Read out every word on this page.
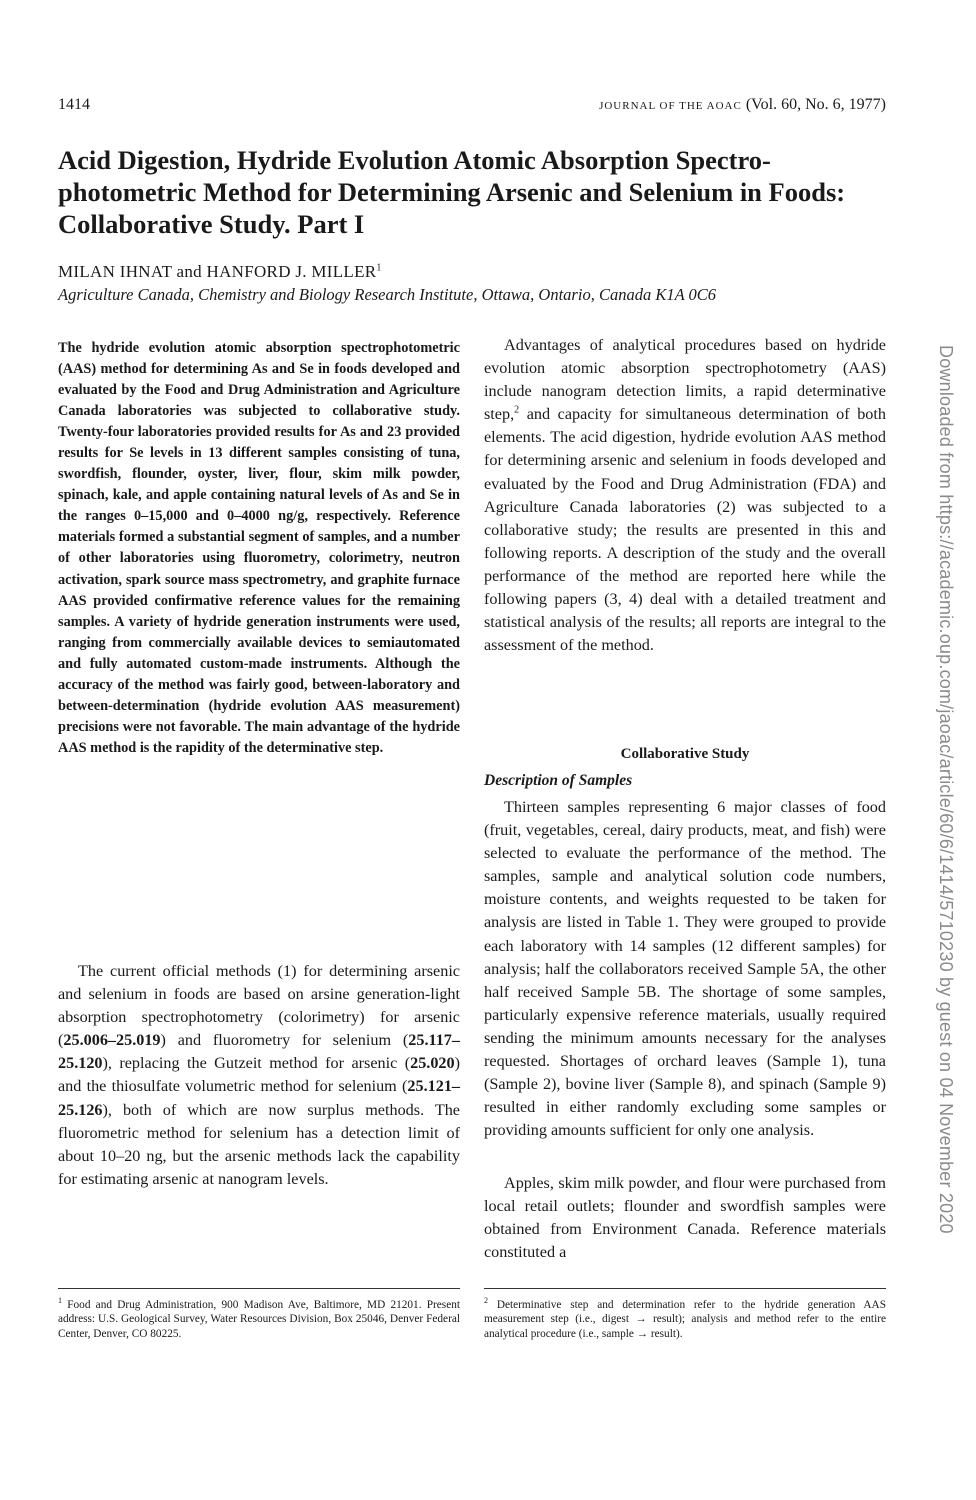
1414	JOURNAL OF THE AOAC (Vol. 60, No. 6, 1977)
Acid Digestion, Hydride Evolution Atomic Absorption Spectro- photometric Method for Determining Arsenic and Selenium in Foods: Collaborative Study. Part I
MILAN IHNAT and HANFORD J. MILLER$^1$
Agriculture Canada, Chemistry and Biology Research Institute, Ottawa, Ontario, Canada K1A 0C6
The hydride evolution atomic absorption spectrophotometric (AAS) method for determining As and Se in foods developed and evaluated by the Food and Drug Administration and Agriculture Canada laboratories was subjected to collaborative study. Twenty-four laboratories provided results for As and 23 provided results for Se levels in 13 different samples consisting of tuna, swordfish, flounder, oyster, liver, flour, skim milk powder, spinach, kale, and apple containing natural levels of As and Se in the ranges 0–15,000 and 0–4000 ng/g, respectively. Reference materials formed a substantial segment of samples, and a number of other laboratories using fluorometry, colorimetry, neutron activation, spark source mass spectrometry, and graphite furnace AAS provided confirmative reference values for the remaining samples. A variety of hydride generation instruments were used, ranging from commercially available devices to semiautomated and fully automated custom-made instruments. Although the accuracy of the method was fairly good, between-laboratory and between-determination (hydride evolution AAS measurement) precisions were not favorable. The main advantage of the hydride AAS method is the rapidity of the determinative step.
The current official methods (1) for determining arsenic and selenium in foods are based on arsine generation-light absorption spectrophotometry (colorimetry) for arsenic (25.006–25.019) and fluorometry for selenium (25.117–25.120), replacing the Gutzeit method for arsenic (25.020) and the thiosulfate volumetric method for selenium (25.121–25.126), both of which are now surplus methods. The fluorometric method for selenium has a detection limit of about 10–20 ng, but the arsenic methods lack the capability for estimating arsenic at nanogram levels.

Advantages of analytical procedures based on hydride evolution atomic absorption spectrophotometry (AAS) include nanogram detection limits, a rapid determinative step,$^2$ and capacity for simultaneous determination of both elements. The acid digestion, hydride evolution AAS method for determining arsenic and selenium in foods developed and evaluated by the Food and Drug Administration (FDA) and Agriculture Canada laboratories (2) was subjected to a collaborative study; the results are presented in this and following reports. A description of the study and the overall performance of the method are reported here while the following papers (3, 4) deal with a detailed treatment and statistical analysis of the results; all reports are integral to the assessment of the method.

Collaborative Study
Description of Samples

Thirteen samples representing 6 major classes of food (fruit, vegetables, cereal, dairy products, meat, and fish) were selected to evaluate the performance of the method. The samples, sample and analytical solution code numbers, moisture contents, and weights requested to be taken for analysis are listed in Table 1. They were grouped to provide each laboratory with 14 samples (12 different samples) for analysis; half the collaborators received Sample 5A, the other half received Sample 5B. The shortage of some samples, particularly expensive reference materials, usually required sending the minimum amounts necessary for the analyses requested. Shortages of orchard leaves (Sample 1), tuna (Sample 2), bovine liver (Sample 8), and spinach (Sample 9) resulted in either randomly excluding some samples or providing amounts sufficient for only one analysis.

Apples, skim milk powder, and flour were purchased from local retail outlets; flounder and swordfish samples were obtained from Environment Canada. Reference materials constituted a

$^1$ Food and Drug Administration, 900 Madison Ave, Baltimore, MD 21201. Present address: U.S. Geological Survey, Water Resources Division, Box 25046, Denver Federal Center, Denver, CO 80225.
$^2$ Determinative step and determination refer to the hydride generation AAS measurement step (i.e., digest → result); analysis and method refer to the entire analytical procedure (i.e., sample → result).
Downloaded from https://academic.oup.com/jaoac/article/60/6/1414/5710230 by guest on 04 November 2020
